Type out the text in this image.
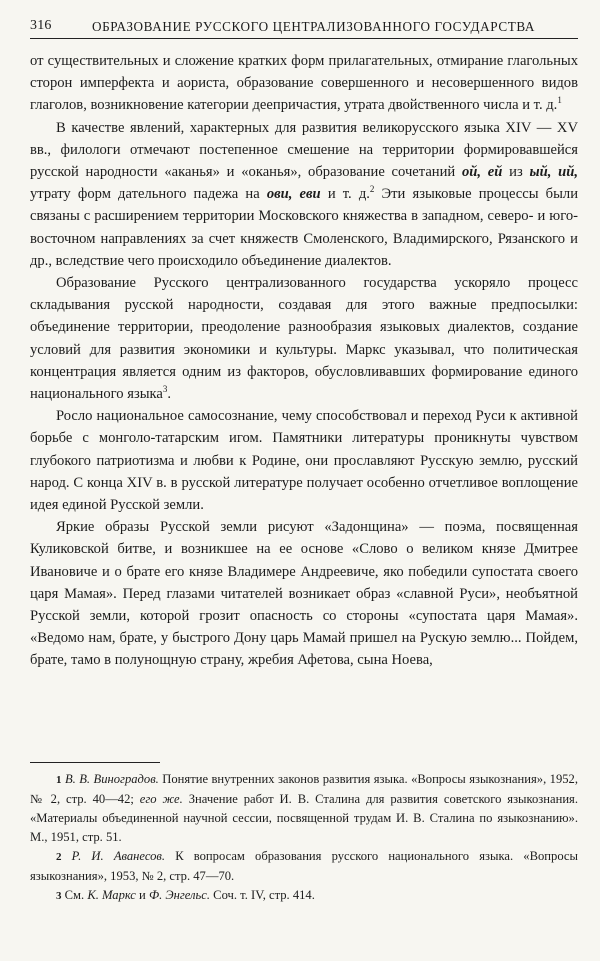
316	ОБРАЗОВАНИЕ РУССКОГО ЦЕНТРАЛИЗОВАННОГО ГОСУДАРСТВА

от существительных и сложение кратких форм прилагательных, отмирание глагольных сторон имперфекта и аориста, образование совершенного и несовершенного видов глаголов, возникновение категории деепричастия, утрата двойственного числа и т. д.$^1$

В качестве явлений, характерных для развития великорусского языка XIV — XV вв., филологи отмечают постепенное смешение на территории формировавшейся русской народности «аканья» и «оканья», образование сочетаний ой, ей из ый, ий, утрату форм дательного падежа на ови, еви и т. д.$^2$ Эти языковые процессы были связаны с расширением территории Московского княжества в западном, северо- и юго-восточном направлениях за счет княжеств Смоленского, Владимирского, Рязанского и др., вследствие чего происходило объединение диалектов.

Образование Русского централизованного государства ускоряло процесс складывания русской народности, создавая для этого важные предпосылки: объединение территории, преодоление разнообразия языковых диалектов, создание условий для развития экономики и культуры. Маркс указывал, что политическая концентрация является одним из факторов, обусловливавших формирование единого национального языка$^3$.

Росло национальное самосознание, чему способствовал и переход Руси к активной борьбе с монголо-татарским игом. Памятники литературы проникнуты чувством глубокого патриотизма и любви к Родине, они прославляют Русскую землю, русский народ. С конца XIV в. в русской литературе получает особенно отчетливое воплощение идея единой Русской земли.

Яркие образы Русской земли рисуют «Задонщина» — поэма, посвященная Куликовской битве, и возникшее на ее основе «Слово о великом князе Дмитрее Ивановиче и о брате его князе Владимере Андреевиче, яко победили супостата своего царя Мамая». Перед глазами читателей возникает образ «славной Руси», необъятной Русской земли, которой грозит опасность со стороны «супостата царя Мамая». «Ведомо нам, брате, у быстрого Дону царь Мамай пришел на Рускую землю... Пойдем, брате, тамо в полунощную страну, жребия Афетова, сына Ноева,

1 В. В. Виноградов. Понятие внутренних законов развития языка. «Вопросы языкознания», 1952, № 2, стр. 40—42; его же. Значение работ И. В. Сталина для развития советского языкознания. «Материалы объединенной научной сессии, посвященной трудам И. В. Сталина по языкознанию». М., 1951, стр. 51.

2 Р. И. Аванесов. К вопросам образования русского национального языка. «Вопросы языкознания», 1953, № 2, стр. 47—70.

3 См. К. Маркс и Ф. Энгельс. Соч. т. IV, стр. 414.
